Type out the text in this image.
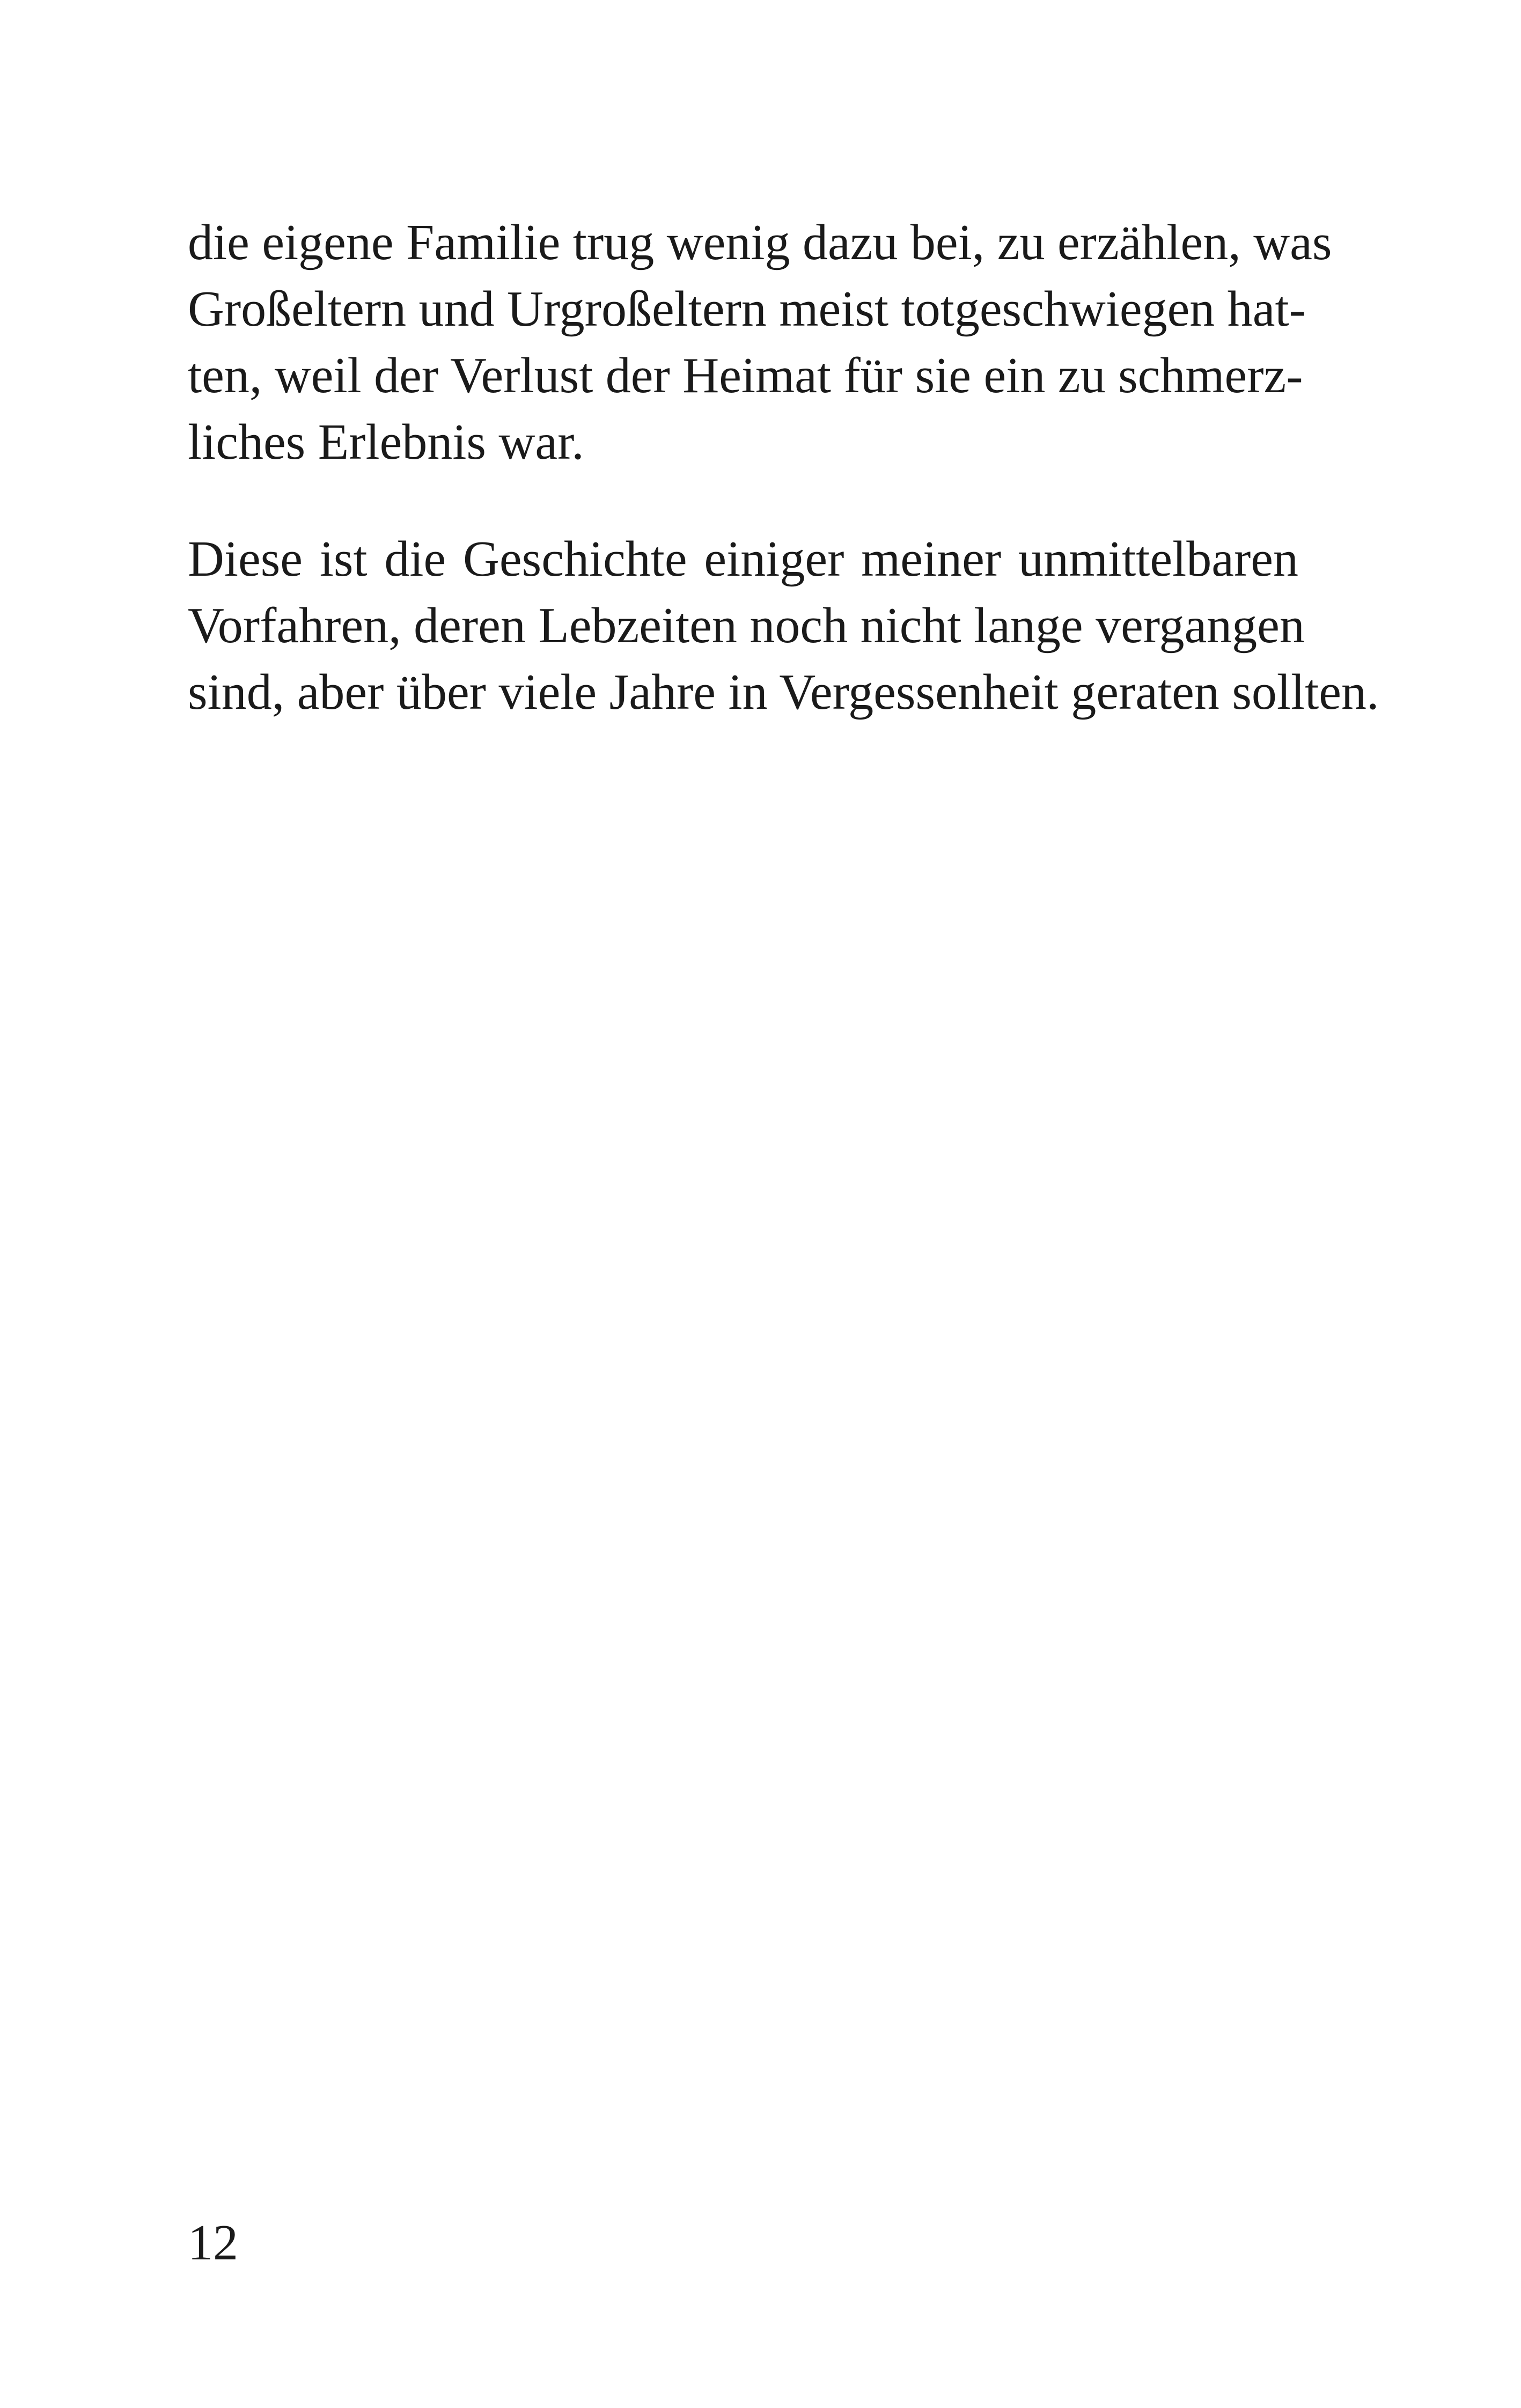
die eigene Familie trug wenig dazu bei, zu erzählen, was
Großeltern und Urgroßeltern meist totgeschwiegen hat-
ten, weil der Verlust der Heimat für sie ein zu schmerz-
liches Erlebnis war.
Diese ist die Geschichte einiger meiner unmittelbaren
Vorfahren, deren Lebzeiten noch nicht lange vergangen
sind, aber über viele Jahre in Vergessenheit geraten sollten.
12
